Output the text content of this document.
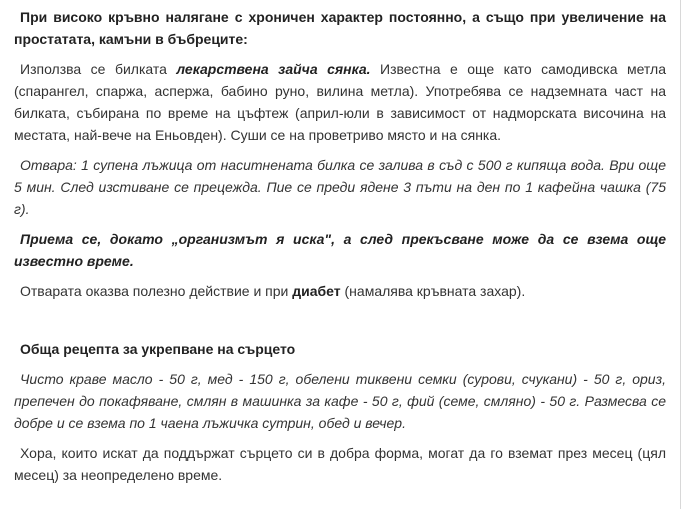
При високо кръвно налягане с хроничен характер постоянно, а също при увеличение на простатата, камъни в бъбреците:

Използва се билката лекарствена зайча сянка. Известна е още като самодивска метла (спарангел, спаржа, аспержа, бабино руно, вилина метла). Употребява се надземната част на билката, събирана по време на цъфтеж (април-юли в зависимост от надморската височина на местата, най-вече на Еньовден). Суши се на проветриво място и на сянка.

Отвара: 1 супена лъжица от наситнената билка се залива в съд с 500 г кипяща вода. Ври още 5 мин. След изстиване се прецежда. Пие се преди ядене 3 пъти на ден по 1 кафейна чашка (75 г).

Приема се, докато „организмът я иска", а след прекъсване може да се взема още известно време.

Отварата оказва полезно действие и при диабет (намалява кръвната захар).

Обща рецепта за укрепване на сърцето

Чисто краве масло - 50 г, мед - 150 г, обелени тиквени семки (сурови, счукани) - 50 г, ориз, препечен до покафяване, смлян в машинка за кафе - 50 г, фий (семе, смляно) - 50 г. Размесва се добре и се взема по 1 чаена лъжичка сутрин, обед и вечер.

Хора, които искат да поддържат сърцето си в добра форма, могат да го вземат през месец (цял месец) за неопределено време.
